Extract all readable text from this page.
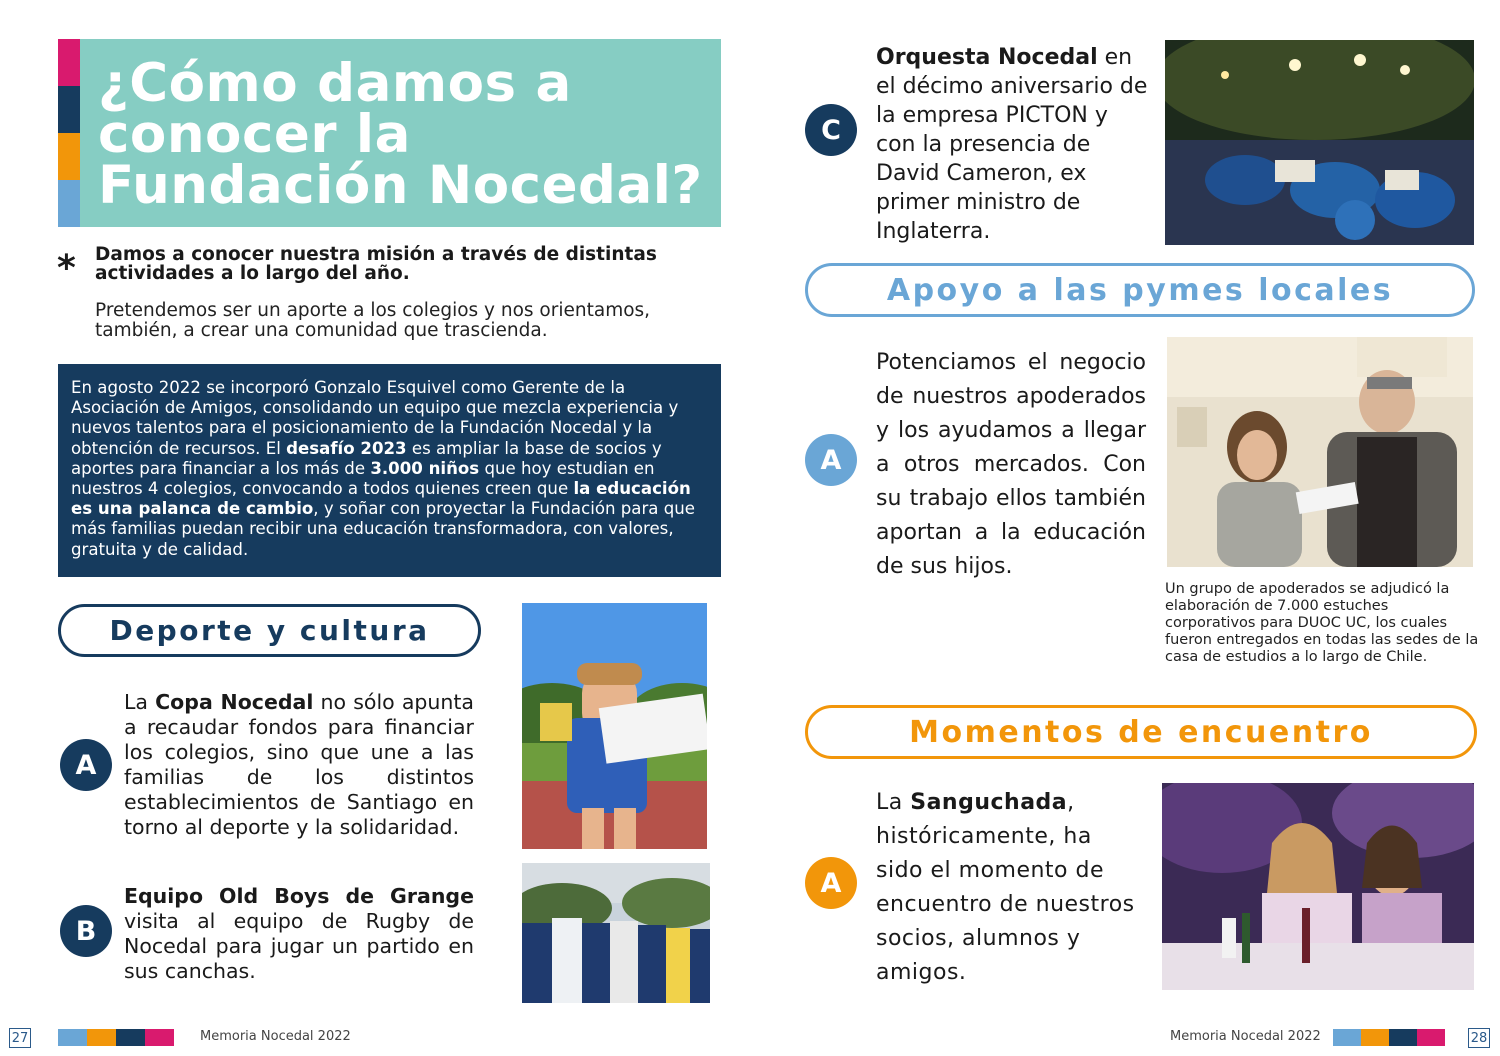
¿Cómo damos a
conocer la
Fundación Nocedal?
* Damos a conocer nuestra misión a través de distintas actividades a lo largo del año.
Pretendemos ser un aporte a los colegios y nos orientamos, también, a crear una comunidad que trascienda.
En agosto 2022 se incorporó Gonzalo Esquivel como Gerente de la Asociación de Amigos, consolidando un equipo que mezcla experiencia y nuevos talentos para el posicionamiento de la Fundación Nocedal y la obtención de recursos. El desafío 2023 es ampliar la base de socios y aportes para financiar a los más de 3.000 niños que hoy estudian en nuestros 4 colegios, convocando a todos quienes creen que la educación es una palanca de cambio, y soñar con proyectar la Fundación para que más familias puedan recibir una educación transformadora, con valores, gratuita y de calidad.
Deporte y cultura
A
La Copa Nocedal no sólo apunta a recaudar fondos para financiar los colegios, sino que une a las familias de los distintos establecimientos de Santiago en torno al deporte y la solidaridad.
B
Equipo Old Boys de Grange visita al equipo de Rugby de Nocedal para jugar un partido en sus canchas.
C
Orquesta Nocedal en el décimo aniversario de la empresa PICTON y con la presencia de David Cameron, ex primer ministro de Inglaterra.
Apoyo a las pymes locales
A
Potenciamos el negocio de nuestros apoderados y los ayudamos a llegar a otros mercados. Con su trabajo ellos también aportan a la educación de sus hijos.
Un grupo de apoderados se adjudicó la elaboración de 7.000 estuches corporativos para DUOC UC, los cuales fueron entregados en todas las sedes de la casa de estudios a lo largo de Chile.
Momentos de encuentro
A
La Sanguchada, históricamente, ha sido el momento de encuentro de nuestros socios, alumnos y amigos.
27	Memoria Nocedal 2022	Memoria Nocedal 2022	28
